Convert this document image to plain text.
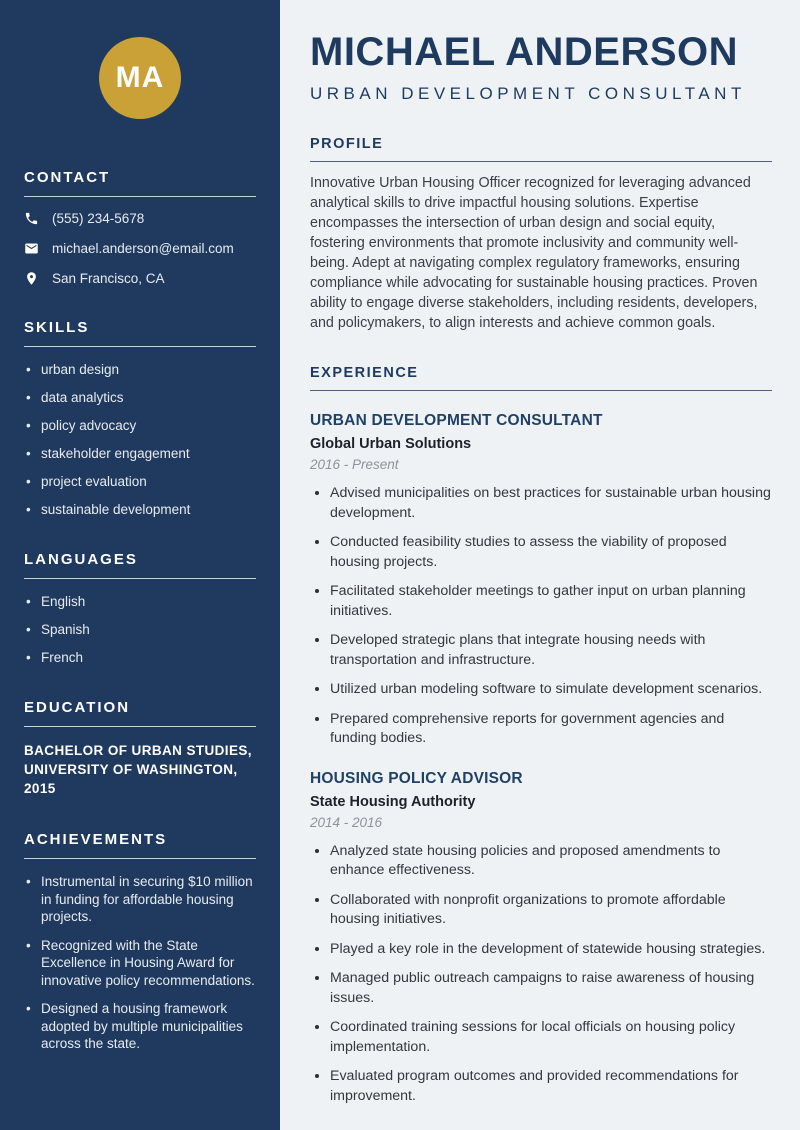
MA
CONTACT
(555) 234-5678
michael.anderson@email.com
San Francisco, CA
SKILLS
• urban design
• data analytics
• policy advocacy
• stakeholder engagement
• project evaluation
• sustainable development
LANGUAGES
• English
• Spanish
• French
EDUCATION
BACHELOR OF URBAN STUDIES, UNIVERSITY OF WASHINGTON, 2015
ACHIEVEMENTS
• Instrumental in securing $10 million in funding for affordable housing projects.
• Recognized with the State Excellence in Housing Award for innovative policy recommendations.
• Designed a housing framework adopted by multiple municipalities across the state.
MICHAEL ANDERSON
URBAN DEVELOPMENT CONSULTANT
PROFILE

Innovative Urban Housing Officer recognized for leveraging advanced analytical skills to drive impactful housing solutions. Expertise encompasses the intersection of urban design and social equity, fostering environments that promote inclusivity and community well-being. Adept at navigating complex regulatory frameworks, ensuring compliance while advocating for sustainable housing practices. Proven ability to engage diverse stakeholders, including residents, developers, and policymakers, to align interests and achieve common goals.

EXPERIENCE
URBAN DEVELOPMENT CONSULTANT
Global Urban Solutions
2016 - Present
• Advised municipalities on best practices for sustainable urban housing development.
• Conducted feasibility studies to assess the viability of proposed housing projects.
• Facilitated stakeholder meetings to gather input on urban planning initiatives.
• Developed strategic plans that integrate housing needs with transportation and infrastructure.
• Utilized urban modeling software to simulate development scenarios.
• Prepared comprehensive reports for government agencies and funding bodies.
HOUSING POLICY ADVISOR
State Housing Authority
2014 - 2016
• Analyzed state housing policies and proposed amendments to enhance effectiveness.
• Collaborated with nonprofit organizations to promote affordable housing initiatives.
• Played a key role in the development of statewide housing strategies.
• Managed public outreach campaigns to raise awareness of housing issues.
• Coordinated training sessions for local officials on housing policy implementation.
• Evaluated program outcomes and provided recommendations for improvement.
